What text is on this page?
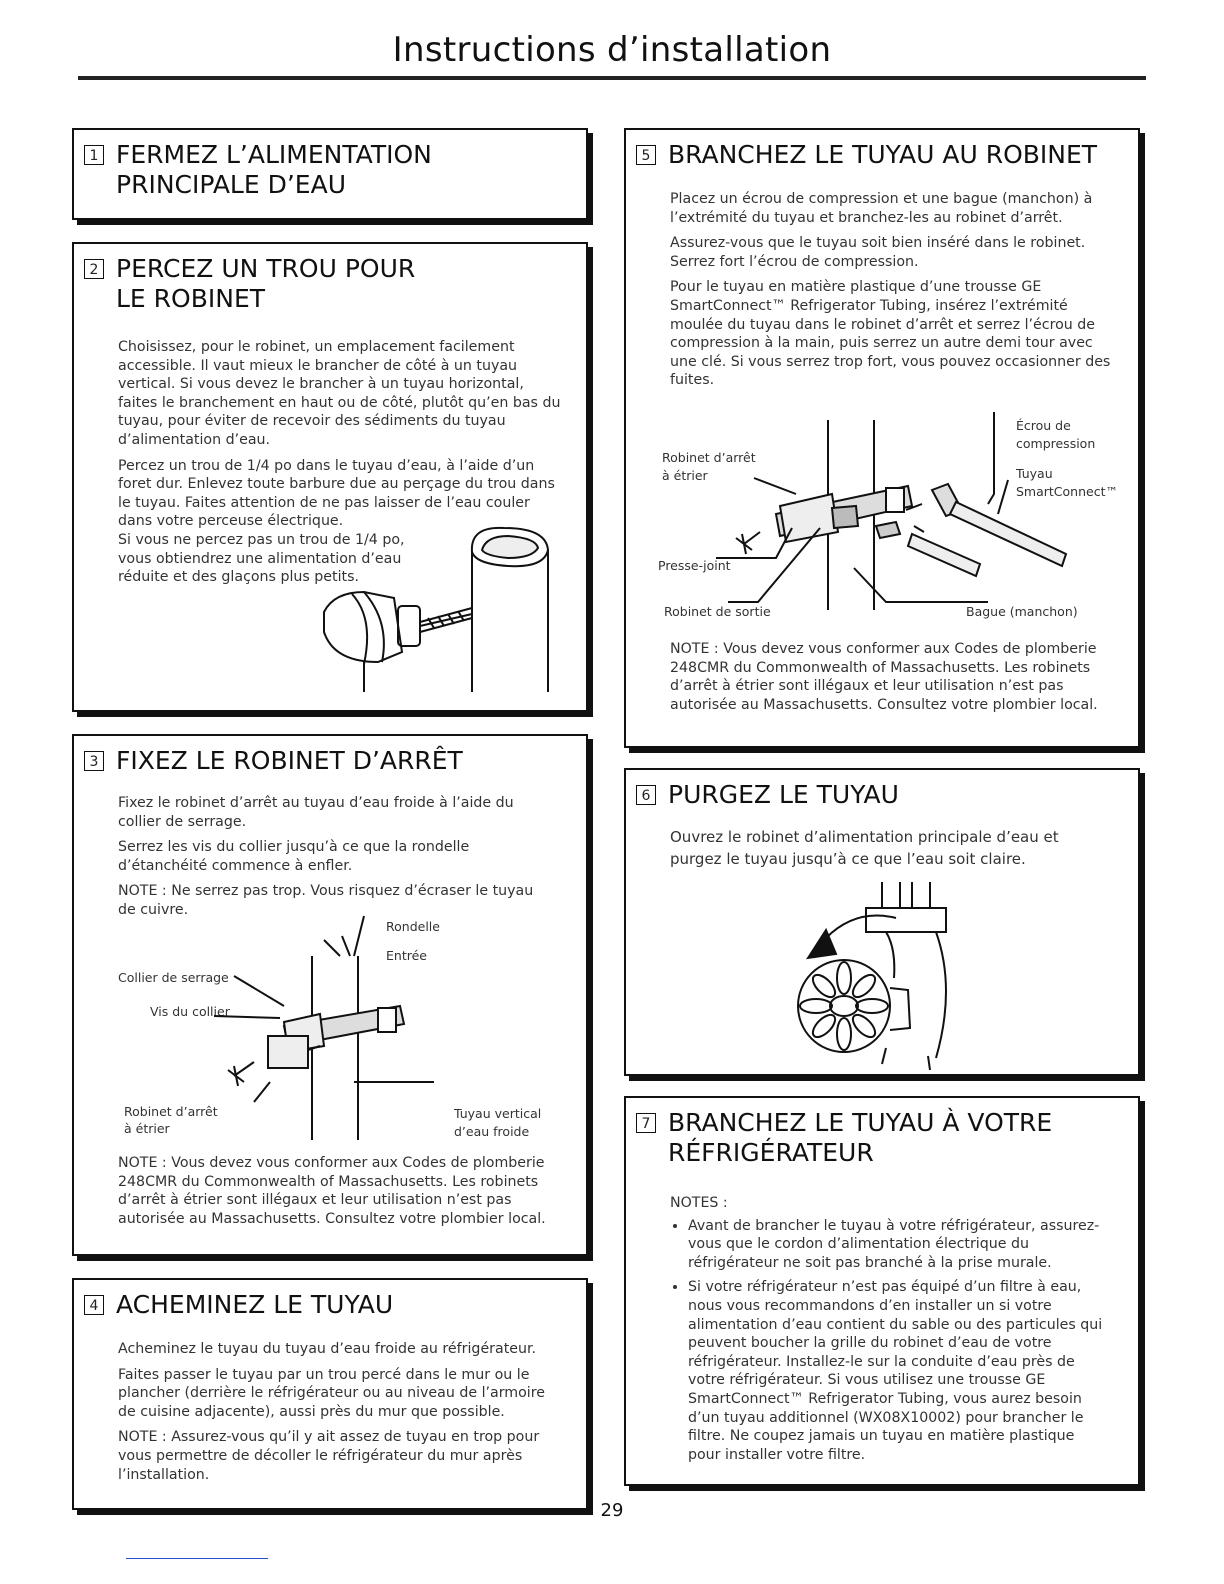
Instructions d’installation
1 FERMEZ L’ALIMENTATION
PRINCIPALE D’EAU
2 PERCEZ UN TROU POUR
LE ROBINET

Choisissez, pour le robinet, un emplacement facilement accessible. Il vaut mieux le brancher de côté à un tuyau vertical. Si vous devez le brancher à un tuyau horizontal, faites le branchement en haut ou de côté, plutôt qu’en bas du tuyau, pour éviter de recevoir des sédiments du tuyau d’alimentation d’eau.

Percez un trou de 1/4 po dans le tuyau d’eau, à l’aide d’un foret dur. Enlevez toute barbure due au perçage du trou dans le tuyau. Faites attention de ne pas laisser de l’eau couler dans votre perceuse électrique.

Si vous ne percez pas un trou de 1/4 po,
vous obtiendrez une alimentation d’eau
réduite et des glaçons plus petits.
3 FIXEZ LE ROBINET D’ARRÊT

Fixez le robinet d’arrêt au tuyau d’eau froide à l’aide du collier de serrage.

Serrez les vis du collier jusqu’à ce que la rondelle d’étanchéité commence à enfler.

NOTE : Ne serrez pas trop. Vous risquez d’écraser le tuyau de cuivre.

Rondelle
Entrée
Collier de serrage
Vis du collier
Robinet d’arrêt
à étrier
Tuyau vertical
d’eau froide

NOTE : Vous devez vous conformer aux Codes de plomberie 248CMR du Commonwealth of Massachusetts. Les robinets d’arrêt à étrier sont illégaux et leur utilisation n’est pas autorisée au Massachusetts. Consultez votre plombier local.

4 ACHEMINEZ LE TUYAU

Acheminez le tuyau du tuyau d’eau froide au réfrigérateur.

Faites passer le tuyau par un trou percé dans le mur ou le plancher (derrière le réfrigérateur ou au niveau de l’armoire de cuisine adjacente), aussi près du mur que possible.

NOTE : Assurez-vous qu’il y ait assez de tuyau en trop pour vous permettre de décoller le réfrigérateur du mur après l’installation.

5 BRANCHEZ LE TUYAU AU ROBINET

Placez un écrou de compression et une bague (manchon) à l’extrémité du tuyau et branchez-les au robinet d’arrêt.

Assurez-vous que le tuyau soit bien inséré dans le robinet. Serrez fort l’écrou de compression.

Pour le tuyau en matière plastique d’une trousse GE SmartConnect™ Refrigerator Tubing, insérez l’extrémité moulée du tuyau dans le robinet d’arrêt et serrez l’écrou de compression à la main, puis serrez un autre demi tour avec une clé. Si vous serrez trop fort, vous pouvez occasionner des fuites.

Écrou de
compression
Robinet d’arrêt
à étrier	Tuyau
SmartConnect™
Presse-joint
Robinet de sortie	Bague (manchon)

NOTE : Vous devez vous conformer aux Codes de plomberie 248CMR du Commonwealth of Massachusetts. Les robinets d’arrêt à étrier sont illégaux et leur utilisation n’est pas autorisée au Massachusetts. Consultez votre plombier local.

6 PURGEZ LE TUYAU

Ouvrez le robinet d’alimentation principale d’eau et purgez le tuyau jusqu’à ce que l’eau soit claire.

7 BRANCHEZ LE TUYAU À VOTRE
RÉFRIGÉRATEUR
NOTES :
• Avant de brancher le tuyau à votre réfrigérateur, assurez-vous que le cordon d’alimentation électrique du réfrigérateur ne soit pas branché à la prise murale.
• Si votre réfrigérateur n’est pas équipé d’un filtre à eau, nous vous recommandons d’en installer un si votre alimentation d’eau contient du sable ou des particules qui peuvent boucher la grille du robinet d’eau de votre réfrigérateur. Installez-le sur la conduite d’eau près de votre réfrigérateur. Si vous utilisez une trousse GE SmartConnect™ Refrigerator Tubing, vous aurez besoin d’un tuyau additionnel (WX08X10002) pour brancher le filtre. Ne coupez jamais un tuyau en matière plastique pour installer votre filtre.
29
